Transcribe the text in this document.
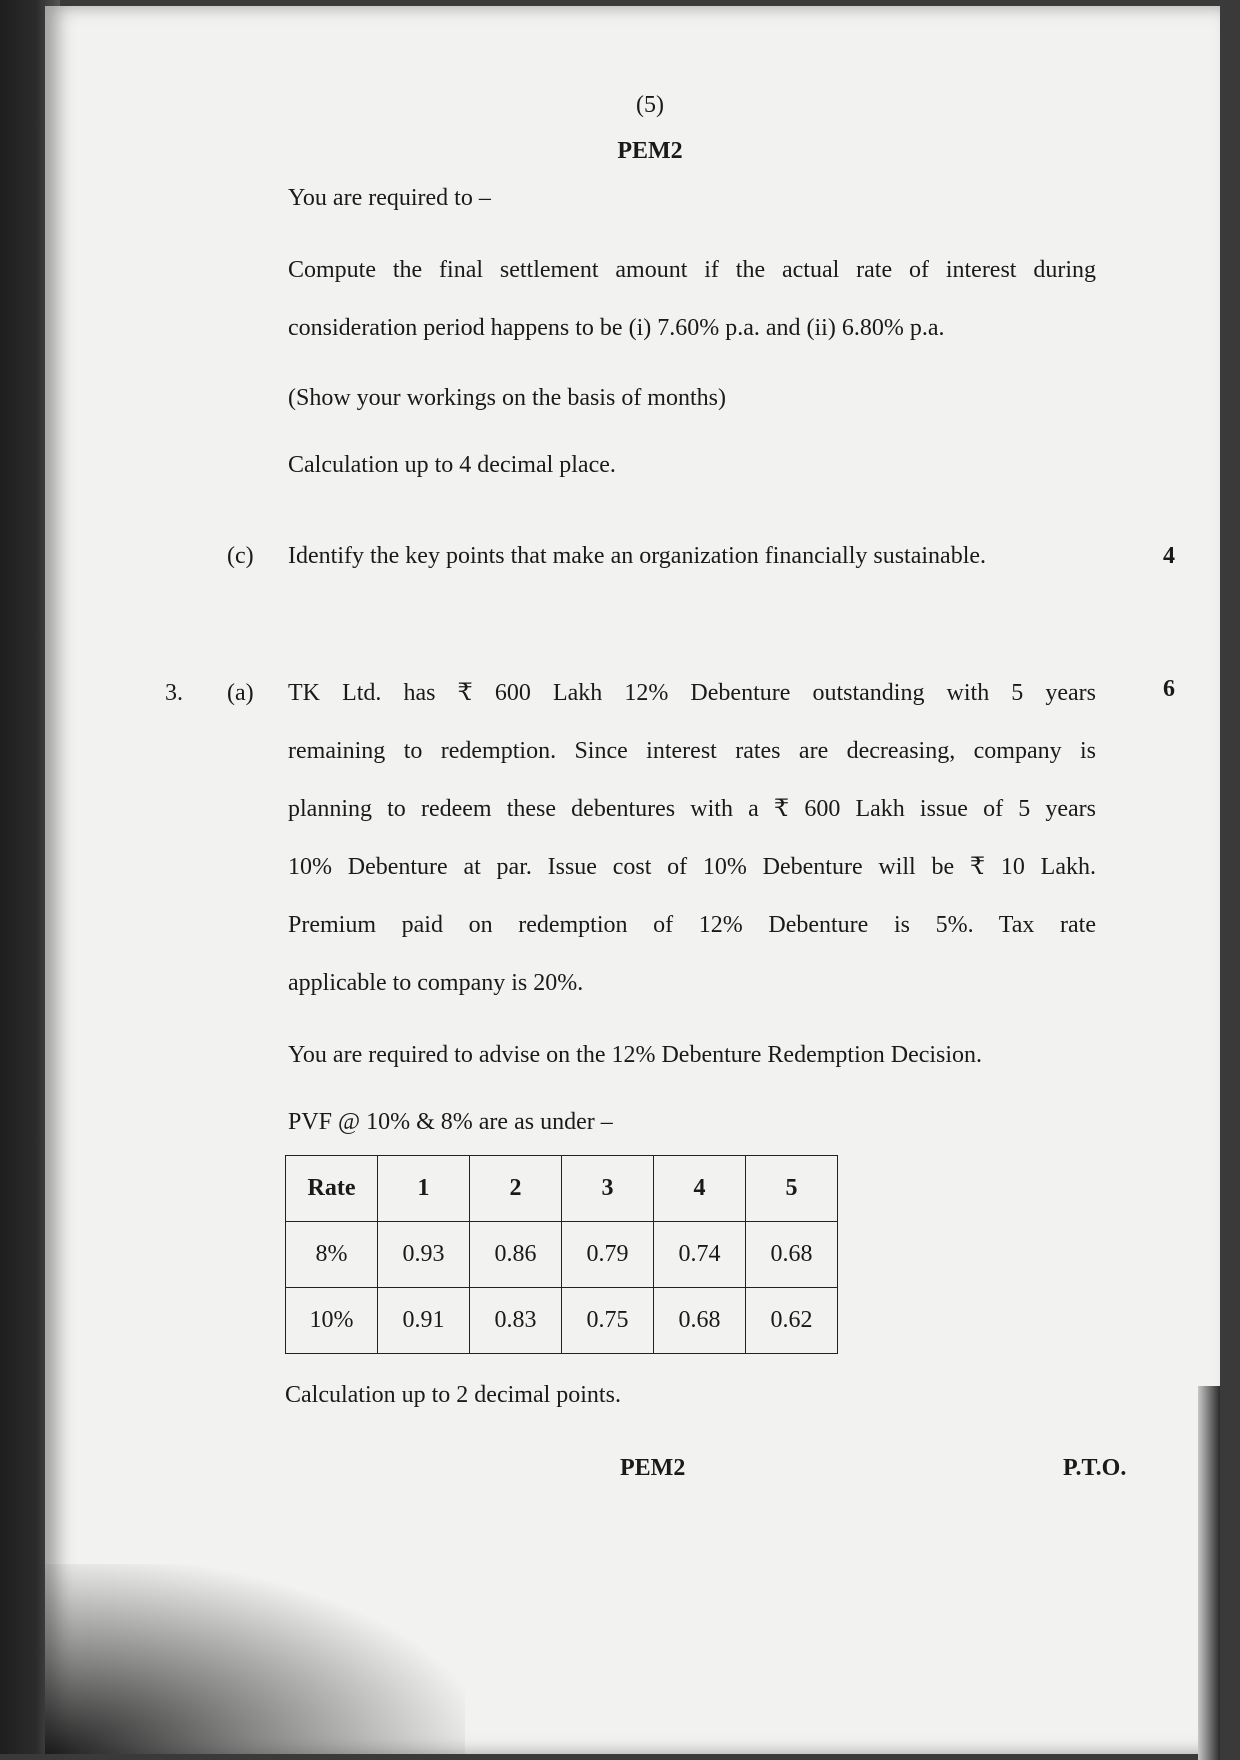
(5)
PEM2
You are required to –
Compute the final settlement amount if the actual rate of interest during
consideration period happens to be (i) 7.60% p.a. and (ii) 6.80% p.a.
(Show your workings on the basis of months)
Calculation up to 4 decimal place.
(c) Identify the key points that make an organization financially sustainable.	4
3. (a)	6
TK Ltd. has ₹ 600 Lakh 12% Debenture outstanding with 5 years
remaining to redemption. Since interest rates are decreasing, company is
planning to redeem these debentures with a ₹ 600 Lakh issue of 5 years
10% Debenture at par. Issue cost of 10% Debenture will be ₹ 10 Lakh.
Premium paid on redemption of 12% Debenture is 5%. Tax rate
applicable to company is 20%.
You are required to advise on the 12% Debenture Redemption Decision.
PVF @ 10% & 8% are as under –
Rate	1	2	3	4	5
8%	0.93	0.86	0.79	0.74	0.68
10%	0.91	0.83	0.75	0.68	0.62
Calculation up to 2 decimal points.
PEM2	P.T.O.
